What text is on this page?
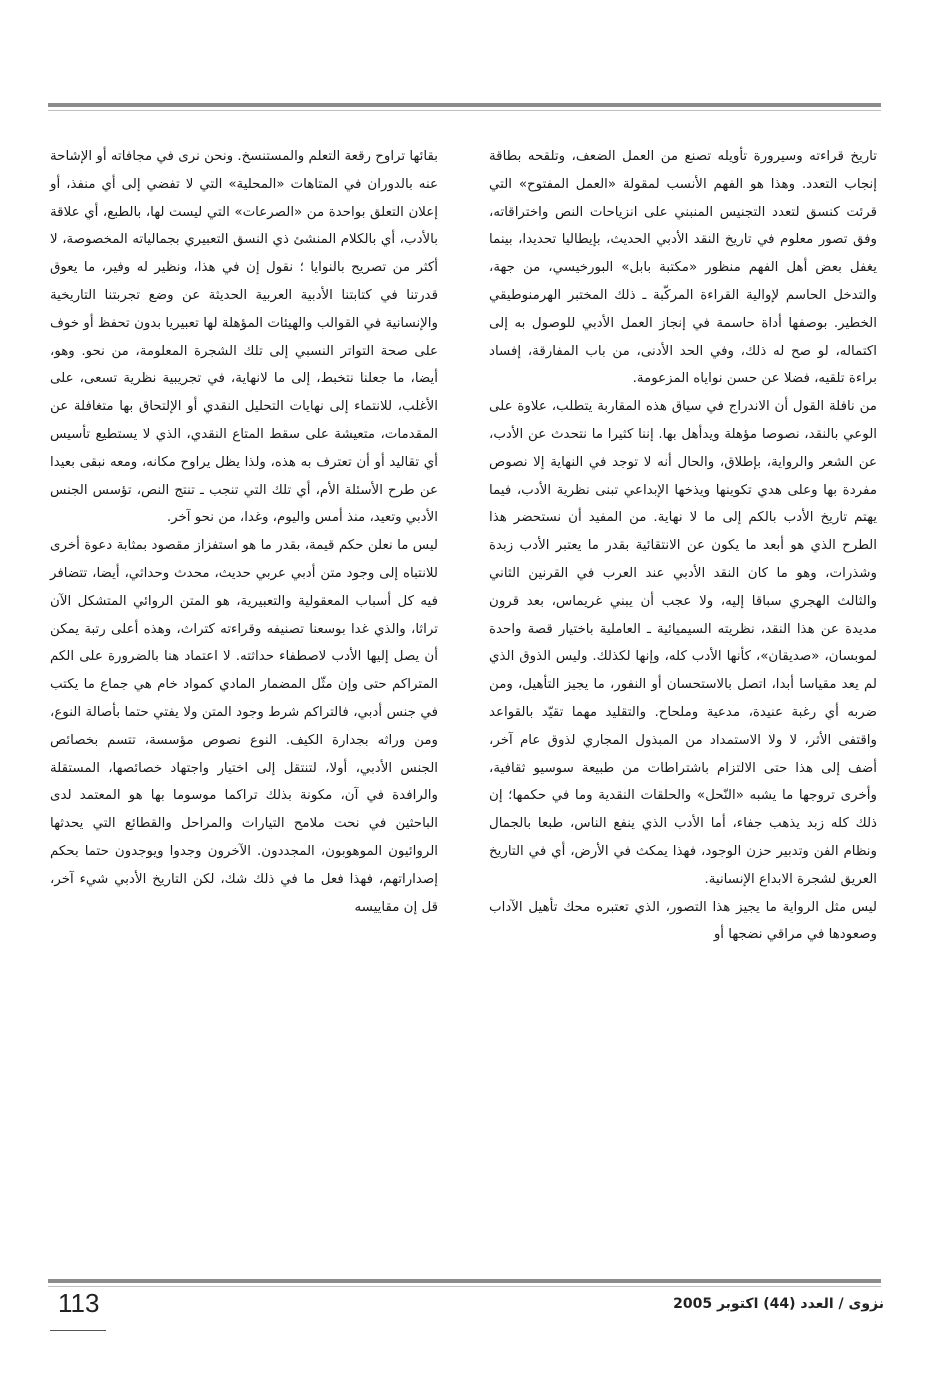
تاريخ قراءته وسيرورة تأويله تصنع من العمل الضعف، وتلقحه بطاقة إنجاب التعدد. وهذا هو الفهم الأنسب لمقولة «العمل المفتوح» التي قرئت كنسق لتعدد التجنيس المنبني على انزياحات النص واختراقاته، وفق تصور معلوم في تاريخ النقد الأدبي الحديث، بإيطاليا تحديدا، بينما يغفل بعض أهل الفهم منظور «مكتبة بابل» البورخيسي، من جهة، والتدخل الحاسم لإوالية القراءة المركّبة ـ ذلك المختبر الهرمنوطيقي الخطير. بوصفها أداة حاسمة في إنجاز العمل الأدبي للوصول به إلى اكتماله، لو صح له ذلك، وفي الحد الأدنى، من باب المفارقة، إفساد براءة تلقيه، فضلا عن حسن نواياه المزعومة.

من نافلة القول أن الاندراج في سياق هذه المقاربة يتطلب، علاوة على الوعي بالنقد، نصوصا مؤهلة ويدأهل بها. إننا كثيرا ما نتحدث عن الأدب، عن الشعر والرواية، بإطلاق، والحال أنه لا توجد في النهاية إلا نصوص مفردة بها وعلى هدي تكوينها ويذخها الإبداعي تبنى نظرية الأدب، فيما يهتم تاريخ الأدب بالكم إلى ما لا نهاية. من المفيد أن نستحضر هذا الطرح الذي هو أبعد ما يكون عن الانتقائية بقدر ما يعتبر الأدب زبدة وشذرات، وهو ما كان النقد الأدبي عند العرب في القرنين الثاني والثالث الهجري سباقا إليه، ولا عجب أن يبني غريماس، بعد قرون مديدة عن هذا النقد، نظريته السيميائية ـ العاملية باختيار قصة واحدة لموبسان، «صديقان»، كأنها الأدب كله، وإنها لكذلك. وليس الذوق الذي لم يعد مقياسا أبدا، اتصل بالاستحسان أو النفور، ما يجيز التأهيل، ومن ضربه أي رغبة عنيدة، مدعية وملحاح. والتقليد مهما تقيّد بالقواعد واقتفى الأثر، لا ولا الاستمداد من المبذول المجاري لذوق عام آخر، أضف إلى هذا حتى الالتزام باشتراطات من طبيعة سوسيو ثقافية، وأخرى تروجها ما يشبه «النّحل» والحلقات النقدية وما في حكمها؛ إن ذلك كله زبد يذهب جفاء، أما الأدب الذي ينفع الناس، طبعا بالجمال ونظام الفن وتدبير حزن الوجود، فهذا يمكث في الأرض، أي في التاريخ العريق لشجرة الابداع الإنسانية.

ليس مثل الرواية ما يجيز هذا التصور، الذي تعتبره محك تأهيل الآداب وصعودها في مراقي نضجها أو

بقائها تراوح رقعة التعلم والمستنسخ. ونحن نرى في مجافاته أو الإشاحة عنه بالدوران في المتاهات «المحلية» التي لا تفضي إلى أي منفذ، أو إعلان التعلق بواحدة من «الصرعات» التي ليست لها، بالطبع، أي علاقة بالأدب، أي بالكلام المنشئ ذي النسق التعبيري بجمالياته المخصوصة، لا أكثر من تصريح بالنوايا ؛ نقول إن في هذا، ونظير له وفير، ما يعوق قدرتنا في كتابتنا الأدبية العربية الحديثة عن وضع تجربتنا التاريخية والإنسانية في القوالب والهيئات المؤهلة لها تعبيريا بدون تحفظ أو خوف على صحة التواتر النسبي إلى تلك الشجرة المعلومة، من نحو. وهو، أيضا، ما جعلنا نتخبط، إلى ما لانهاية، في تجريبية نظرية تسعى، على الأغلب، للانتماء إلى نهايات التحليل النقدي أو الإلتحاق بها متغافلة عن المقدمات، متعيشة على سقط المتاع النقدي، الذي لا يستطيع تأسيس أي تقاليد أو أن تعترف به هذه، ولذا يظل يراوح مكانه، ومعه نبقى بعيدا عن طرح الأسئلة الأم، أي تلك التي تنجب ـ تنتج النص، تؤسس الجنس الأدبي وتعيد، منذ أمس واليوم، وغدا، من نحو آخر.

ليس ما نعلن حكم قيمة، بقدر ما هو استفزاز مقصود بمثابة دعوة أخرى للانتباه إلى وجود متن أدبي عربي حديث، محدث وحداثي، أيضا، تتضافر فيه كل أسباب المعقولية والتعبيرية، هو المتن الروائي المتشكل الآن تراثا، والذي غدا بوسعنا تصنيفه وقراءته كتراث، وهذه أعلى رتبة يمكن أن يصل إليها الأدب لاصطفاء حداثته. لا اعتماد هنا بالضرورة على الكم المتراكم حتى وإن مثّل المضمار المادي كمواد خام هي جماع ما يكتب في جنس أدبي، فالتراكم شرط وجود المتن ولا يفتي حتما بأصالة النوع، ومن وراثه بجدارة الكيف. النوع نصوص مؤسسة، تتسم بخصائص الجنس الأدبي، أولا، لتنتقل إلى اختيار واجتهاد خصائصها، المستقلة والرافدة في آن، مكونة بذلك تراكما موسوما بها هو المعتمد لدى الباحثين في نحت ملامح التيارات والمراحل والقطائع التي يحدثها الروائيون الموهوبون، المجددون. الآخرون وجدوا ويوجدون حتما بحكم إصداراتهم، فهذا فعل ما في ذلك شك، لكن التاريخ الأدبي شيء آخر، قل إن مقاييسه

113	نزوى / العدد (44) اكتوبر 2005
